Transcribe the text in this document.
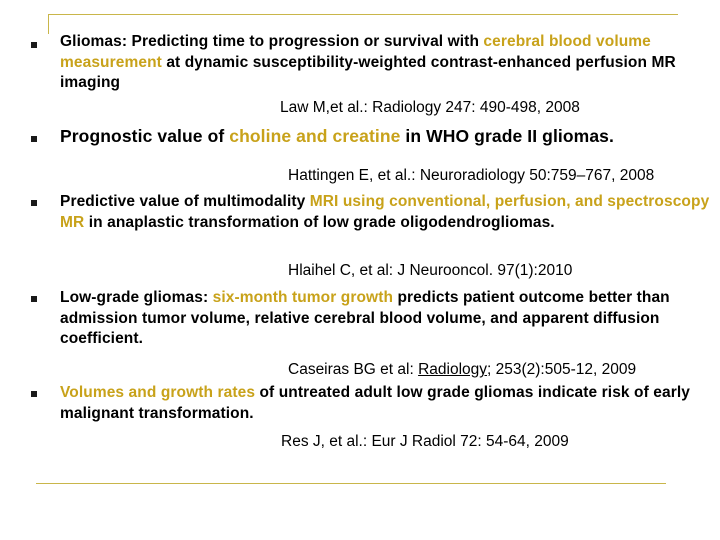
Gliomas: Predicting time to progression or survival with cerebral blood volume measurement at dynamic susceptibility-weighted contrast-enhanced perfusion MR imaging
Law M,et al.: Radiology 247: 490-498, 2008
Prognostic value of choline and creatine in WHO grade II gliomas.
Hattingen E, et al.: Neuroradiology 50:759–767, 2008
Predictive value of multimodality MRI using conventional, perfusion, and spectroscopy MR in anaplastic transformation of low grade oligodendrogliomas.
Hlaihel C, et al: J Neurooncol. 97(1):2010
Low-grade gliomas: six-month tumor growth predicts patient outcome better than admission tumor volume, relative cerebral blood volume, and apparent diffusion coefficient.
Caseiras BG et al: Radiology; 253(2):505-12, 2009
Volumes and growth rates of untreated adult low grade gliomas indicate risk of early malignant transformation.
Res J, et al.: Eur J Radiol 72: 54-64, 2009
